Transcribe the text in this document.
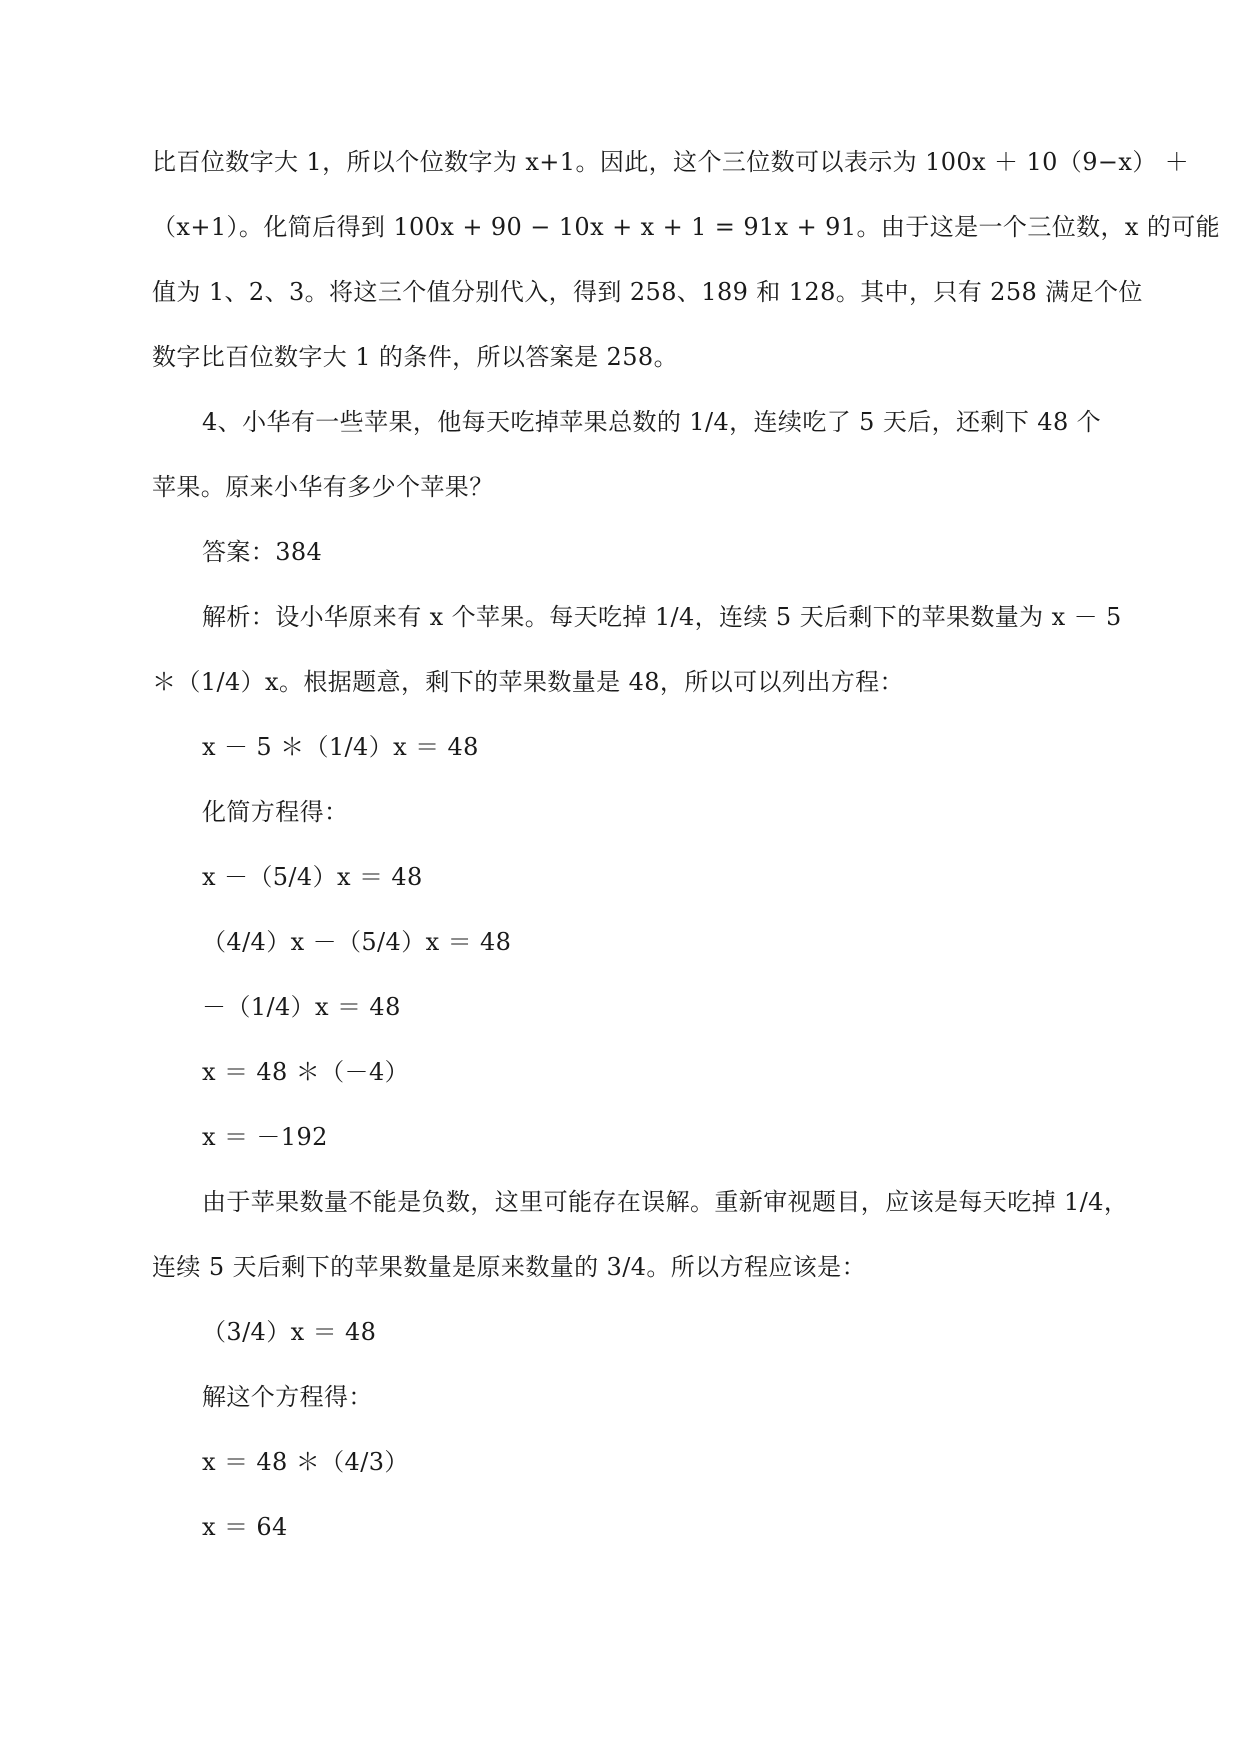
比百位数字大 1，所以个位数字为 x+1。因此，这个三位数可以表示为 100x ＋ 10（9−x） ＋

（x+1）。化简后得到 100x + 90 − 10x + x + 1 = 91x + 91。由于这是一个三位数，x 的可能

值为 1、2、3。将这三个值分别代入，得到 258、189 和 128。其中，只有 258 满足个位

数字比百位数字大 1 的条件，所以答案是 258。

4、小华有一些苹果，他每天吃掉苹果总数的 1/4，连续吃了 5 天后，还剩下 48 个

苹果。原来小华有多少个苹果？

答案：384

解析：设小华原来有 x 个苹果。每天吃掉 1/4，连续 5 天后剩下的苹果数量为 x － 5

＊（1/4）x。根据题意，剩下的苹果数量是 48，所以可以列出方程：

x － 5 ＊（1/4）x ＝ 48

化简方程得：

x －（5/4）x ＝ 48

（4/4）x －（5/4）x ＝ 48

－（1/4）x ＝ 48

x ＝ 48 ＊（－4）

x ＝ －192

由于苹果数量不能是负数，这里可能存在误解。重新审视题目，应该是每天吃掉 1/4，

连续 5 天后剩下的苹果数量是原来数量的 3/4。所以方程应该是：

（3/4）x ＝ 48

解这个方程得：

x ＝ 48 ＊（4/3）

x ＝ 64
